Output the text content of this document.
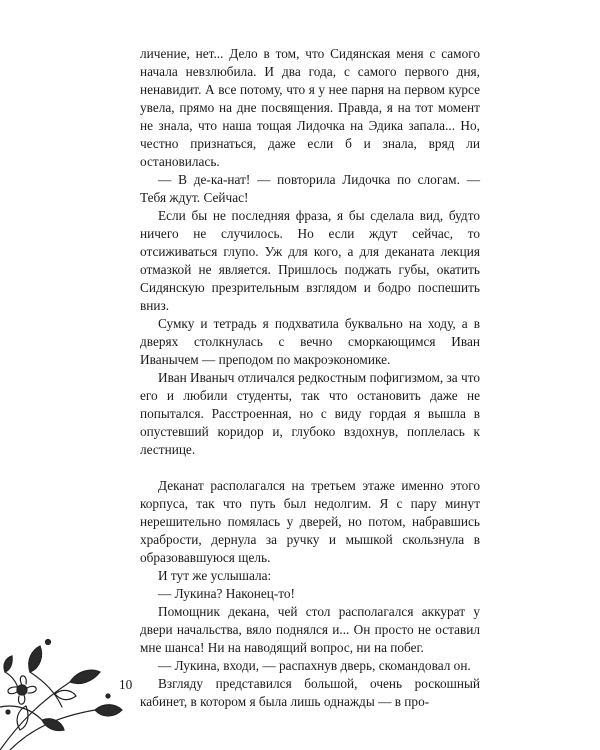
личение, нет... Дело в том, что Сидянская меня с самого начала невзлюбила. И два года, с самого первого дня, ненавидит. А все потому, что я у нее парня на первом курсе увела, прямо на дне посвящения. Правда, я на тот момент не знала, что наша тощая Лидочка на Эдика запала... Но, честно признаться, даже если б и знала, вряд ли остановилась.

— В де-ка-нат! — повторила Лидочка по слогам. — Тебя ждут. Сейчас!

Если бы не последняя фраза, я бы сделала вид, будто ничего не случилось. Но если ждут сейчас, то отсиживаться глупо. Уж для кого, а для деканата лекция отмазкой не является. Пришлось поджать губы, окатить Сидянскую презрительным взглядом и бодро поспешить вниз.

Сумку и тетрадь я подхватила буквально на ходу, а в дверях столкнулась с вечно сморкающимся Иван Иванычем — преподом по макроэкономике.

Иван Иваныч отличался редкостным пофигизмом, за что его и любили студенты, так что остановить даже не попытался. Расстроенная, но с виду гордая я вышла в опустевший коридор и, глубоко вздохнув, поплелась к лестнице.

Деканат располагался на третьем этаже именно этого корпуса, так что путь был недолгим. Я с пару минут нерешительно помялась у дверей, но потом, набравшись храбрости, дернула за ручку и мышкой скользнула в образовавшуюся щель.

И тут же услышала:

— Лукина? Наконец-то!

Помощник декана, чей стол располагался аккурат у двери начальства, вяло поднялся и... Он просто не оставил мне шанса! Ни на наводящий вопрос, ни на побег.

— Лукина, входи, — распахнув дверь, скомандовал он.

Взгляду представился большой, очень роскошный кабинет, в котором я была лишь однажды — в про-

10
